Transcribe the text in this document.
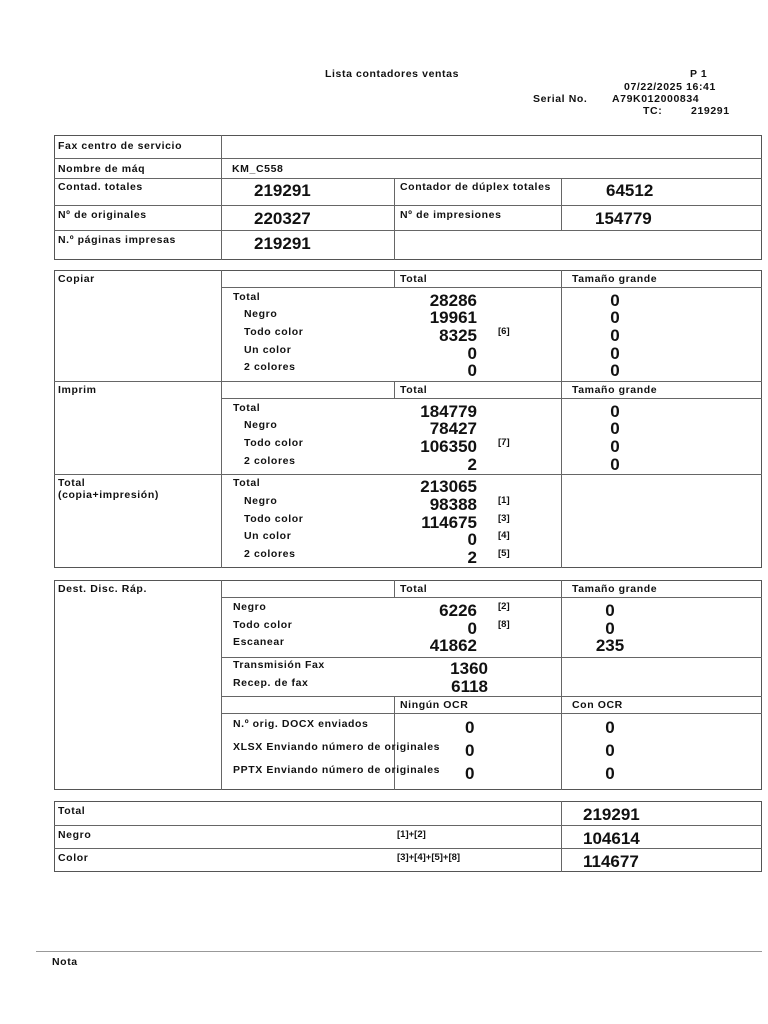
Lista contadores ventas	P 1
07/22/2025 16:41
Serial No. A79K012000834
TC:	219291
Fax centro de servicio
Nombre de máq	KM_C558
Contad. totales	219291	Contador de dúplex totales	64512
Nº de originales	220327	Nº de impresiones	154779
N.º páginas impresas	219291
Copiar	Total	Tamaño grande
Total	28286	0
Negro	19961	0
Todo color	8325 [6]	0
Un color	0	0
2 colores	0	0
Imprim	Total	Tamaño grande
Total	184779	0
Negro	78427	0
Todo color	106350 [7]	0
2 colores	2	0
Total
(copia+impresión)
Total	213065
Negro	98388 [1]
Todo color	114675 [3]
Un color	0 [4]
2 colores	2 [5]
Dest. Disc. Ráp.	Total	Tamaño grande
Negro	6226 [2]	0
Todo color	0 [8]	0
Escanear	41862	235
Transmisión Fax	1360
Recep. de fax	6118
Ningún OCR	Con OCR
N.º orig. DOCX enviados	0	0
XLSX Enviando número de originales 0	0
PPTX Enviando número de originales 0	0
Total	219291
Negro	[1]+[2]	104614
Color	[3]+[4]+[5]+[8]	114677
Nota
